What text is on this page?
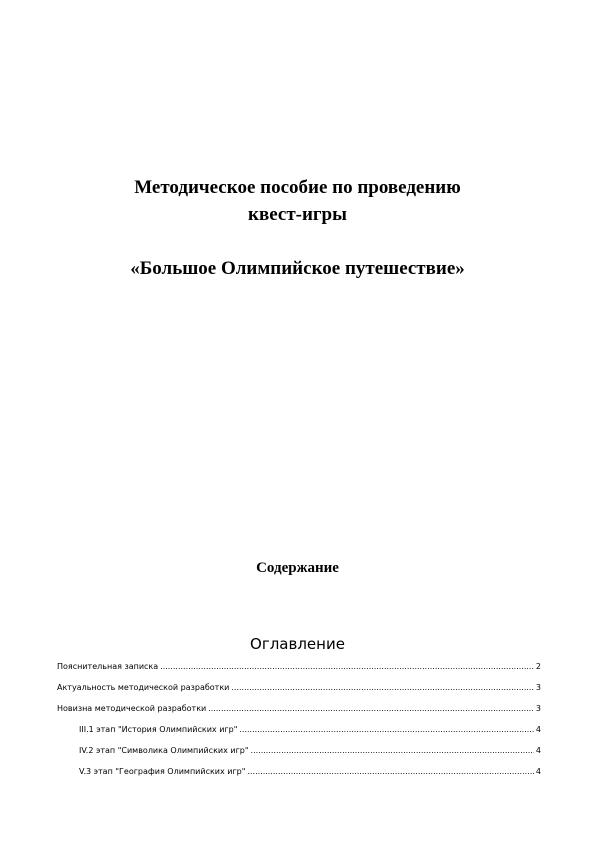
Методическое пособие по проведению
квест-игры
«Большое Олимпийское путешествие»
Содержание
Оглавление
Пояснительная записка .....	2
Актуальность методической разработки .....	3
Новизна методической разработки .....	3
III.1 этап "История Олимпийских игр" .....	4
IV.2 этап "Символика Олимпийских игр" .....	4
V.3 этап "География Олимпийских игр" .....	4
